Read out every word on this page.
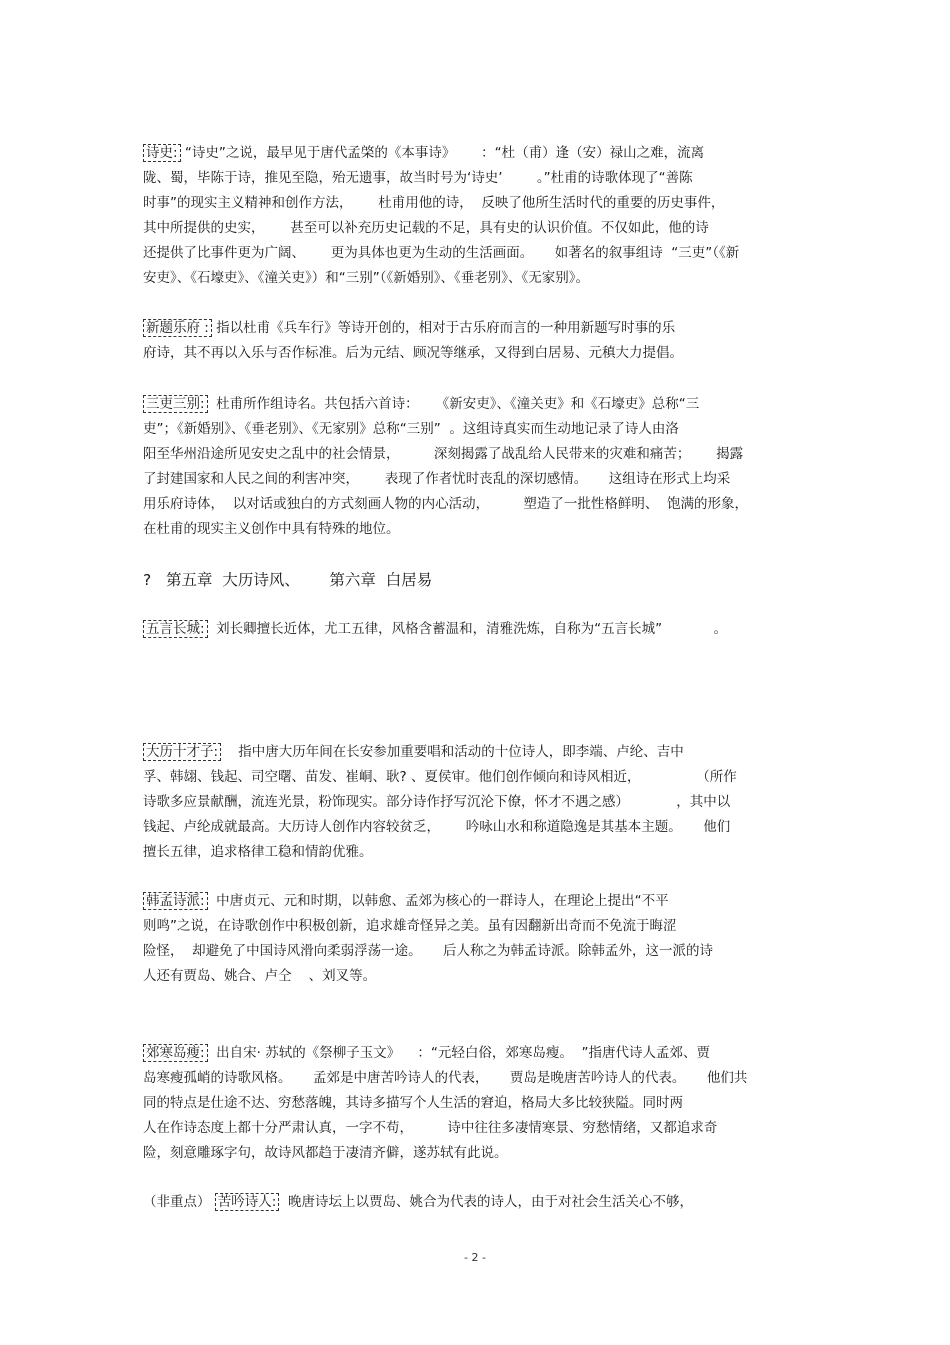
诗史: “诗史”之说，最早见于唐代孟棨的《本事诗》      ：“杜（甫）逢（安）禄山之难，流离
陇、蜀，毕陈于诗，推见至隐，殆无遗事，故当时号为‘诗史’        。”杜甫的诗歌体现了“善陈
时事”的现实主义精神和创作方法，      杜甫用他的诗，  反映了他所生活时代的重要的历史事件，
其中所提供的史实，      甚至可以补充历史记载的不足，具有史的认识价值。不仅如此，他的诗
还提供了比事件更为广阔、      更为具体也更为生动的生活画面。     如著名的叙事组诗  “三吏”（《新
安吏》、《石壕吏》、《潼关吏》）和“三别”（《新婚别》、《垂老别》、《无家别》。
新题乐府 : 指以杜甫《兵车行》等诗开创的，相对于古乐府而言的一种用新题写时事的乐
府诗，其不再以入乐与否作标准。后为元结、顾况等继承，又得到白居易、元稹大力提倡。
三吏三别:  杜甫所作组诗名。共包括六首诗：    《新安吏》、《潼关吏》和《石壕吏》总称“三
吏”；《新婚别》、《垂老别》、《无家别》总称“三别”  。这组诗真实而生动地记录了诗人由洛
阳至华州沿途所见安史之乱中的社会情景，        深刻揭露了战乱给人民带来的灾难和痛苦；      揭露
了封建国家和人民之间的利害冲突，      表现了作者忧时丧乱的深切感情。     这组诗在形式上均采
用乐府诗体，  以对话或独白的方式刻画人物的内心活动，        塑造了一批性格鲜明、  饱满的形象，
在杜甫的现实主义创作中具有特殊的地位。
?   第五章  大历诗风、      第六章  白居易
五言长城:  刘长卿擅长近体，尤工五律，风格含蓄温和，清雅洗炼，自称为“五言长城”            。
大历十才子:    指中唐大历年间在长安参加重要唱和活动的十位诗人，即李端、卢纶、吉中
孚、韩翃、钱起、司空曙、苗发、崔峒、耿? 、夏侯审。他们创作倾向和诗风相近，             （所作
诗歌多应景献酬，流连光景，粉饰现实。部分诗作抒写沉沦下僚，怀才不遇之感）           ，其中以
钱起、卢纶成就最高。大历诗人创作内容较贫乏，      吟咏山水和称道隐逸是其基本主题。     他们
擅长五律，追求格律工稳和情韵优雅。
韩孟诗派:  中唐贞元、元和时期，以韩愈、孟郊为核心的一群诗人，在理论上提出“不平
则鸣”之说，在诗歌创作中积极创新，追求雄奇怪异之美。虽有因翻新出奇而不免流于晦涩
险怪，  却避免了中国诗风滑向柔弱浮荡一途。     后人称之为韩孟诗派。除韩孟外，这一派的诗
人还有贾岛、姚合、卢仝    、刘叉等。
郊寒岛瘦:  出自宋· 苏轼的《祭柳子玉文》    ：“元轻白俗，郊寒岛瘦。  ”指唐代诗人孟郊、贾
岛寒瘦孤峭的诗歌风格。     孟郊是中唐苦吟诗人的代表，     贾岛是晚唐苦吟诗人的代表。     他们共
同的特点是仕途不达、穷愁落魄，其诗多描写个人生活的窘迫，格局大多比较狭隘。同时两
人在作诗态度上都十分严肃认真，一字不苟，        诗中往往多凄情寒景、穷愁情绪，又都追求奇
险，刻意雕琢字句，故诗风都趋于凄清齐僻，遂苏轼有此说。
（非重点） 苦吟诗人:  晚唐诗坛上以贾岛、姚合为代表的诗人，由于对社会生活关心不够，
- 2 -
